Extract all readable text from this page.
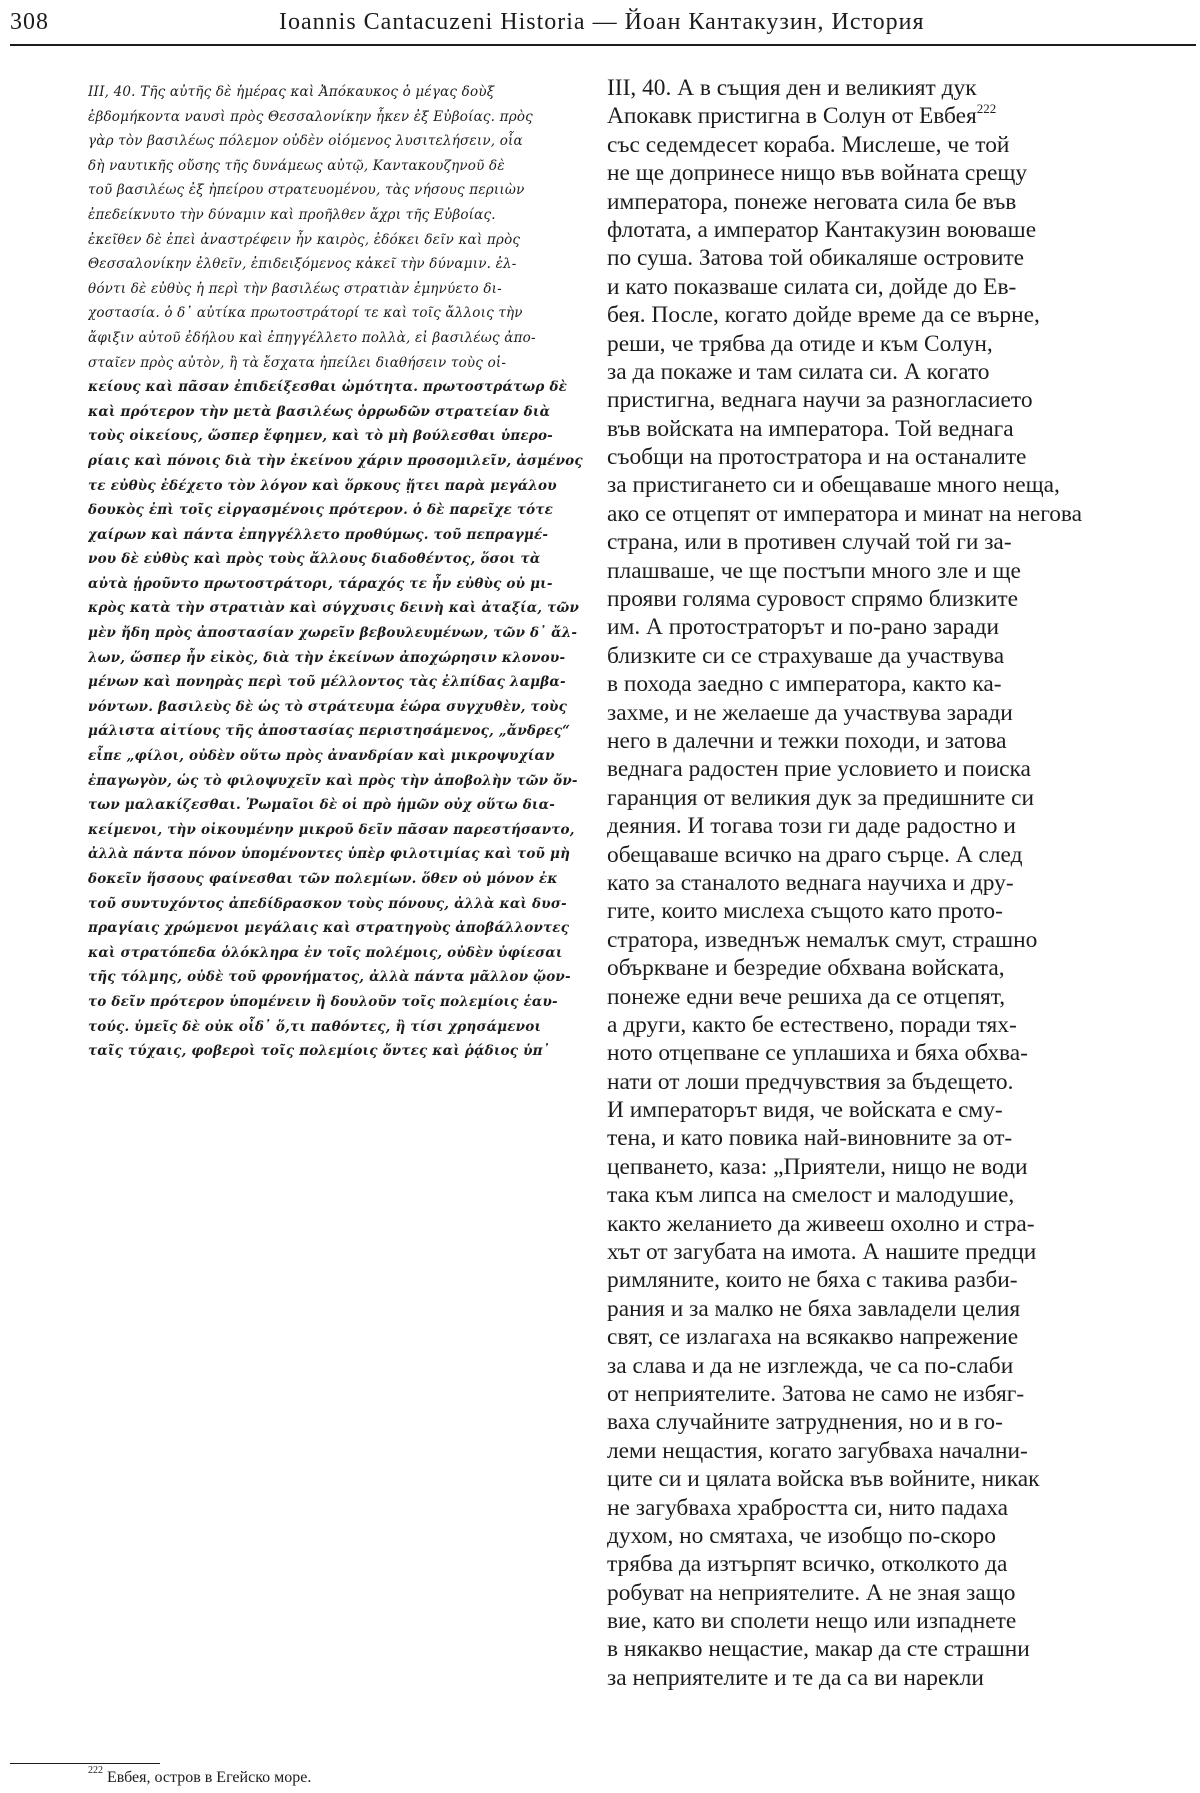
308	Ioannis Cantacuzeni Historia — Йоан Кантакузин, История
III, 40. Τῆς αὐτῆς δὲ ἡμέρας καὶ Ἀπόκαυκος ὁ μέγας δοὺξ
ἑβδομήκοντα ναυσὶ πρὸς Θεσσαλονίκην ἧκεν ἐξ Εὐβοίας. πρὸς
γὰρ τὸν βασιλέως πόλεμον οὐδὲν οἰόμενος λυσιτελήσειν, οἷα
δὴ ναυτικῆς οὔσης τῆς δυνάμεως αὐτῷ, Καντακουζηνοῦ δὲ
τοῦ βασιλέως ἐξ ἠπείρου στρατευομένου, τὰς νήσους περιιὼν
ἐπεδείκνυτο τὴν δύναμιν καὶ προῆλθεν ἄχρι τῆς Εὐβοίας.
ἐκεῖθεν δὲ ἐπεὶ ἀναστρέφειν ἦν καιρὸς, ἐδόκει δεῖν καὶ πρὸς
Θεσσαλονίκην ἐλθεῖν, ἐπιδειξόμενος κἀκεῖ τὴν δύναμιν. ἐλ-
θόντι δὲ εὐθὺς ἡ περὶ τὴν βασιλέως στρατιὰν ἐμηνύετο δι-
χοστασία. ὁ δ᾽ αὐτίκα πρωτοστράτορί τε καὶ τοῖς ἄλλοις τὴν
ἄφιξιν αὐτοῦ ἐδήλου καὶ ἐπηγγέλλετο πολλὰ, εἰ βασιλέως ἀπο-
σταῖεν πρὸς αὐτὸν, ἢ τὰ ἔσχατα ἠπείλει διαθήσειν τοὺς οἰ-
κείους καὶ πᾶσαν ἐπιδείξεσθαι ὠμότητα. πρωτοστράτωρ δὲ
καὶ πρότερον τὴν μετὰ βασιλέως ὀρρωδῶν στρατείαν διὰ
τοὺς οἰκείους, ὥσπερ ἔφημεν, καὶ τὸ μὴ βούλεσθαι ὑπερο-
ρίαις καὶ πόνοις διὰ τὴν ἐκείνου χάριν προσομιλεῖν, ἀσμένος
τε εὐθὺς ἐδέχετο τὸν λόγον καὶ ὅρκους ᾔτει παρὰ μεγάλου
δουκὸς ἐπὶ τοῖς εἰργασμένοις πρότερον. ὁ δὲ παρεῖχε τότε
χαίρων καὶ πάντα ἐπηγγέλλετο προθύμως. τοῦ πεπραγμέ-
νου δὲ εὐθὺς καὶ πρὸς τοὺς ἄλλους διαδοθέντος, ὅσοι τὰ
αὐτὰ ᾑροῦντο πρωτοστράτορι, τάραχός τε ἦν εὐθὺς οὐ μι-
κρὸς κατὰ τὴν στρατιὰν καὶ σύγχυσις δεινὴ καὶ ἀταξία, τῶν
μὲν ἤδη πρὸς ἀποστασίαν χωρεῖν βεβουλευμένων, τῶν δ᾽ ἄλ-
λων, ὥσπερ ἦν εἰκὸς, διὰ τὴν ἐκείνων ἀποχώρησιν κλονου-
μένων καὶ πονηρὰς περὶ τοῦ μέλλοντος τὰς ἐλπίδας λαμβα-
νόντων. βασιλεὺς δὲ ὡς τὸ στράτευμα ἑώρα συγχυθὲν, τοὺς
μάλιστα αἰτίους τῆς ἀποστασίας περιστησάμενος, „ἄνδρες“
εἶπε „φίλοι, οὐδὲν οὕτω πρὸς ἀνανδρίαν καὶ μικροψυχίαν
ἐπαγωγὸν, ὡς τὸ φιλοψυχεῖν καὶ πρὸς τὴν ἀποβολὴν τῶν ὄν-
των μαλακίζεσθαι. Ῥωμαῖοι δὲ οἱ πρὸ ἡμῶν οὐχ οὕτω δια-
κείμενοι, τὴν οἰκουμένην μικροῦ δεῖν πᾶσαν παρεστήσαντο,
ἀλλὰ πάντα πόνον ὑπομένοντες ὑπὲρ φιλοτιμίας καὶ τοῦ μὴ
δοκεῖν ἥσσους φαίνεσθαι τῶν πολεμίων. ὅθεν οὐ μόνον ἐκ
τοῦ συντυχόντος ἀπεδίδρασκον τοὺς πόνους, ἀλλὰ καὶ δυσ-
πραγίαις χρώμενοι μεγάλαις καὶ στρατηγοὺς ἀποβάλλοντες
καὶ στρατόπεδα ὁλόκληρα ἐν τοῖς πολέμοις, οὐδὲν ὑφίεσαι
τῆς τόλμης, οὐδὲ τοῦ φρονήματος, ἀλλὰ πάντα μᾶλλον ᾤον-
το δεῖν πρότερον ὑπομένειν ἢ δουλοῦν τοῖς πολεμίοις ἑαυ-
τούς. ὑμεῖς δὲ οὐκ οἶδ᾽ ὅ,τι παθόντες, ἢ τίσι χρησάμενοι
ταῖς τύχαις, φοβεροὶ τοῖς πολεμίοις ὄντες καὶ ῥᾴδιος ὑπ᾽
III, 40. А в същия ден и великият дук
Апокавк пристигна в Солун от Евбея$^{222}$
със седемдесет кораба. Мислеше, че той
не ще допринесе нищо във войната срещу
императора, понеже неговата сила бе във
флотата, а император Кантакузин воюваше
по суша. Затова той обикаляше островите
и като показваше силата си, дойде до Ев-
бея. После, когато дойде време да се върне,
реши, че трябва да отиде и към Солун,
за да покаже и там силата си. А когато
пристигна, веднага научи за разногласието
във войската на императора. Той веднага
съобщи на протостратора и на останалите
за пристигането си и обещаваше много неща,
ако се отцепят от императора и минат на негова
страна, или в противен случай той ги за-
плашваше, че ще постъпи много зле и ще
прояви голяма суровост спрямо близките
им. А протостраторът и по-рано заради
близките си се страхуваше да участвува
в похода заедно с императора, както ка-
захме, и не желаеше да участвува заради
него в далечни и тежки походи, и затова
веднага радостен прие условието и поиска
гаранция от великия дук за предишните си
деяния. И тогава този ги даде радостно и
обещаваше всичко на драго сърце. А след
като за станалото веднага научиха и дру-
гите, които мислеха същото като прото-
стратора, изведнъж немалък смут, страшно
объркване и безредие обхвана войската,
понеже едни вече решиха да се отцепят,
а други, както бе естествено, поради тях-
ното отцепване се уплашиха и бяха обхва-
нати от лоши предчувствия за бъдещето.
И императорът видя, че войската е сму-
тена, и като повика най-виновните за от-
цепването, каза: „Приятели, нищо не води
така към липса на смелост и малодушие,
както желанието да живееш охолно и стра-
хът от загубата на имота. А нашите предци
римляните, които не бяха с такива разби-
рания и за малко не бяха завладели целия
свят, се излагаха на всякакво напрежение
за слава и да не изглежда, че са по-слаби
от неприятелите. Затова не само не избяг-
ваха случайните затруднения, но и в го-
леми нещастия, когато загубваха начални-
ците си и цялата войска във войните, никак
не загубваха храбростта си, нито падаха
духом, но смятаха, че изобщо по-скоро
трябва да изтърпят всичко, отколкото да
робуват на неприятелите. А не зная защо
вие, като ви сполети нещо или изпаднете
в някакво нещастие, макар да сте страшни
за неприятелите и те да са ви нарекли
$^{222}$ Евбея, остров в Егейско море.
